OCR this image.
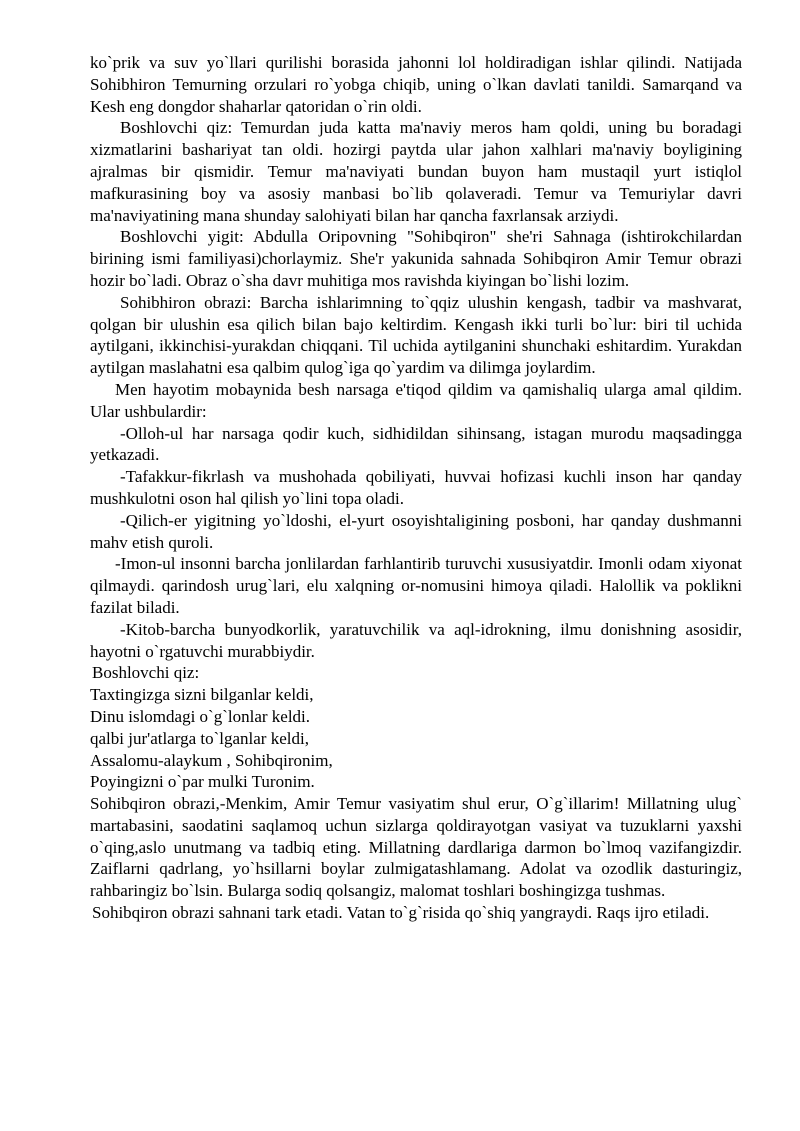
ko`prik va suv yo`llari qurilishi borasida jahonni lol holdiradigan ishlar qilindi. Natijada Sohibhiron Temurning orzulari ro`yobga chiqib, uning o`lkan davlati tanildi. Samarqand va Kesh eng dongdor shaharlar qatoridan o`rin oldi.

Boshlovchi qiz: Temurdan juda katta ma'naviy meros ham qoldi, uning bu boradagi xizmatlarini bashariyat tan oldi. hozirgi paytda ular jahon xalhlari ma'naviy boyligining ajralmas bir qismidir. Temur ma'naviyati bundan buyon ham mustaqil yurt istiqlol mafkurasining boy va asosiy manbasi bo`lib qolaveradi. Temur va Temuriylar davri ma'naviyatining mana shunday salohiyati bilan har qancha faxrlansak arziydi.

Boshlovchi yigit: Abdulla Oripovning "Sohibqiron" she'ri Sahnaga (ishtirokchilardan birining ismi familiyasi)chorlaymiz. She'r yakunida sahnada Sohibqiron Amir Temur obrazi hozir bo`ladi. Obraz o`sha davr muhitiga mos ravishda kiyingan bo`lishi lozim.

Sohibhiron obrazi: Barcha ishlarimning to`qqiz ulushin kengash, tadbir va mashvarat, qolgan bir ulushin esa qilich bilan bajo keltirdim. Kengash ikki turli bo`lur: biri til uchida aytilgani, ikkinchisi-yurakdan chiqqani. Til uchida aytilganini shunchaki eshitardim. Yurakdan aytilgan maslahatni esa qalbim qulog`iga qo`yardim va dilimga joylardim.

Men hayotim mobaynida besh narsaga e'tiqod qildim va qamishaliq ularga amal qildim. Ular ushbulardir:

-Olloh-ul har narsaga qodir kuch, sidhidildan sihinsang, istagan murodu maqsadingga yetkazadi.

-Tafakkur-fikrlash va mushohada qobiliyati, huvvai hofizasi kuchli inson har qanday mushkulotni oson hal qilish yo`lini topa oladi.

-Qilich-er yigitning yo`ldoshi, el-yurt osoyishtaligining posboni, har qanday dushmanni mahv etish quroli.

-Imon-ul insonni barcha jonlilardan farhlantirib turuvchi xususiyatdir. Imonli odam xiyonat qilmaydi. qarindosh urug`lari, elu xalqning or-nomusini himoya qiladi. Halollik va poklikni fazilat biladi.

-Kitob-barcha bunyodkorlik, yaratuvchilik va aql-idrokning, ilmu donishning asosidir, hayotni o`rgatuvchi murabbiydir.

Boshlovchi qiz:

Taxtingizga sizni bilganlar keldi,

Dinu islomdagi o`g`lonlar keldi.

qalbi jur'atlarga to`lganlar keldi,

Assalomu-alaykum , Sohibqironim,

Poyingizni o`par mulki Turonim.

Sohibqiron obrazi,-Menkim, Amir Temur vasiyatim shul erur, O`g`illarim! Millatning ulug` martabasini, saodatini saqlamoq uchun sizlarga qoldirayotgan vasiyat va tuzuklarni yaxshi o`qing,aslo unutmang va tadbiq eting. Millatning dardlariga darmon bo`lmoq vazifangizdir. Zaiflarni qadrlang, yo`hsillarni boylar zulmigatashlamang. Adolat va ozodlik dasturingiz, rahbaringiz bo`lsin. Bularga sodiq qolsangiz, malomat toshlari boshingizga tushmas.

Sohibqiron obrazi sahnani tark etadi. Vatan to`g`risida qo`shiq yangraydi. Raqs ijro etiladi.
